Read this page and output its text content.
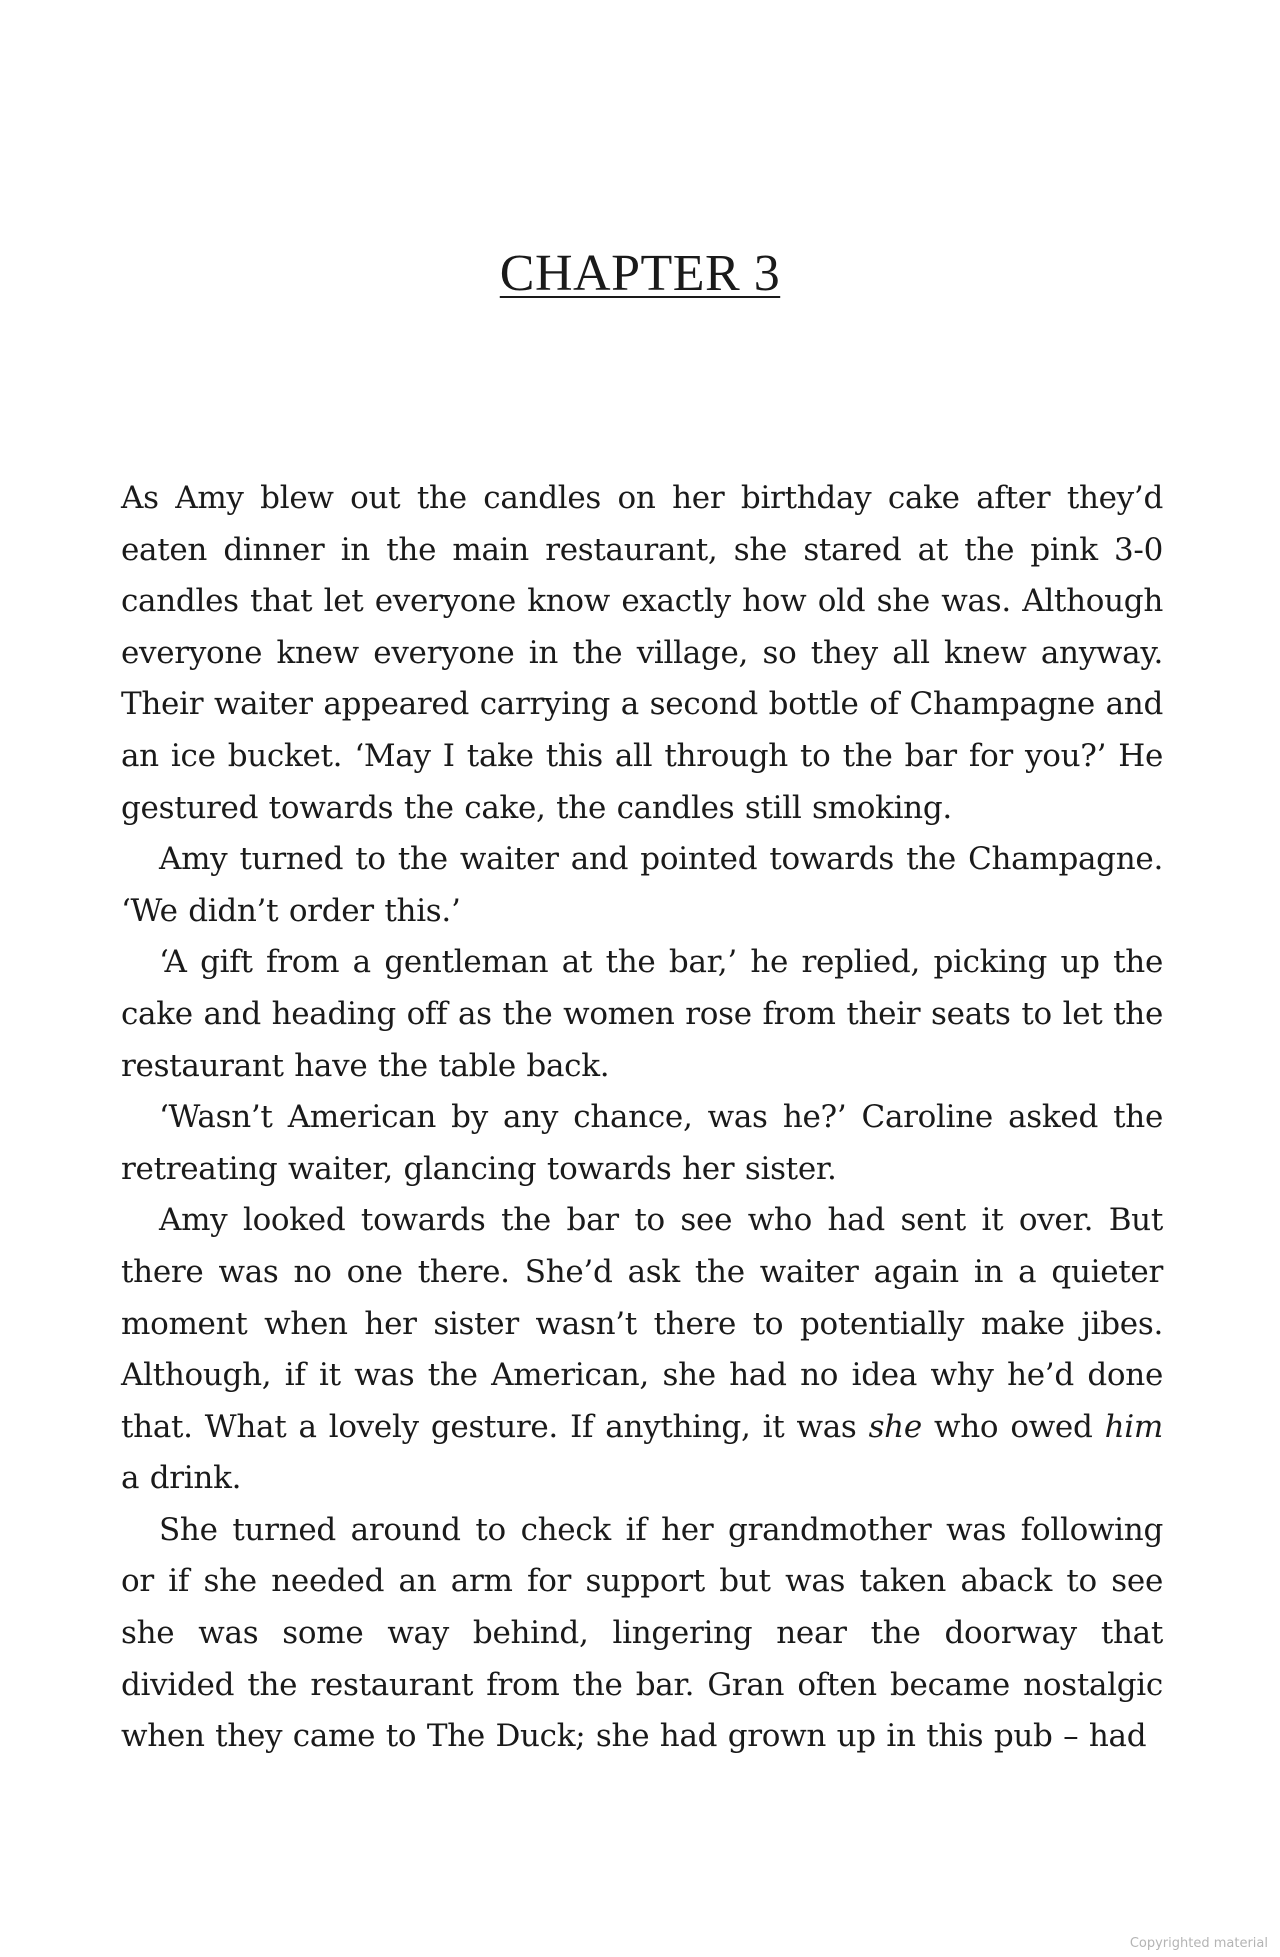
CHAPTER 3

As Amy blew out the candles on her birthday cake after they’d eaten dinner in the main restaurant, she stared at the pink 3-0 candles that let everyone know exactly how old she was. Although everyone knew everyone in the village, so they all knew anyway. Their waiter appeared carrying a second bottle of Champagne and an ice bucket. ‘May I take this all through to the bar for you?’ He gestured towards the cake, the candles still smoking.

Amy turned to the waiter and pointed towards the Champagne. ‘We didn’t order this.’

‘A gift from a gentleman at the bar,’ he replied, picking up the cake and heading off as the women rose from their seats to let the restaurant have the table back.

‘Wasn’t American by any chance, was he?’ Caroline asked the retreating waiter, glancing towards her sister.

Amy looked towards the bar to see who had sent it over. But there was no one there. She’d ask the waiter again in a quieter moment when her sister wasn’t there to potentially make jibes. Although, if it was the American, she had no idea why he’d done that. What a lovely gesture. If anything, it was she who owed him a drink.

She turned around to check if her grandmother was following or if she needed an arm for support but was taken aback to see she was some way behind, lingering near the doorway that divided the restaurant from the bar. Gran often became nostalgic when they came to The Duck; she had grown up in this pub – had

Copyrighted material
